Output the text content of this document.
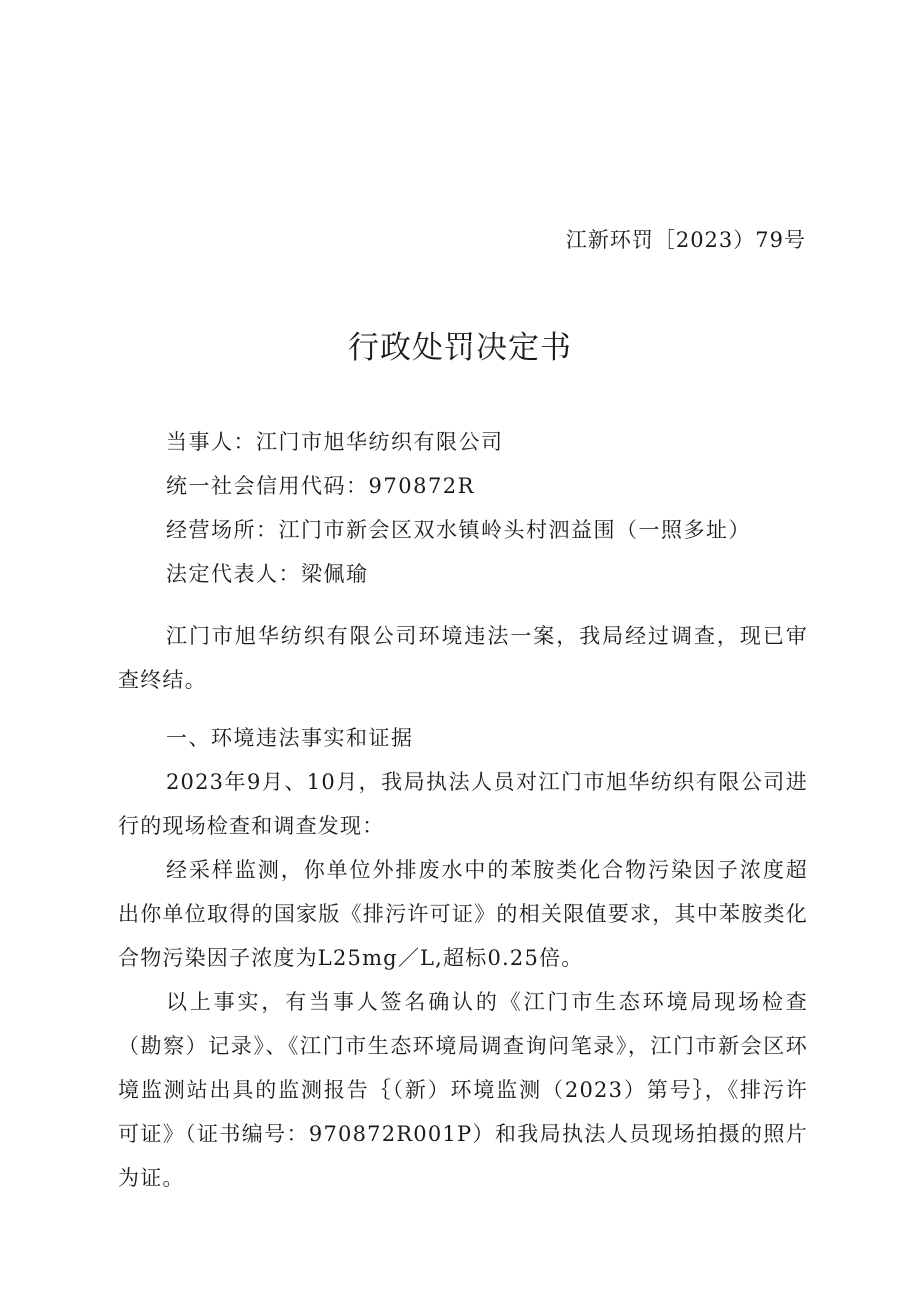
江新环罚［2023）79号
行政处罚决定书
当事人：江门市旭华纺织有限公司
统一社会信用代码：970872R
经营场所：江门市新会区双水镇岭头村泗益围（一照多址）
法定代表人：梁佩瑜
江门市旭华纺织有限公司环境违法一案，我局经过调查，现已审查终结。
一、环境违法事实和证据
2023年9月、10月，我局执法人员对江门市旭华纺织有限公司进行的现场检查和调查发现：
经采样监测，你单位外排废水中的苯胺类化合物污染因子浓度超出你单位取得的国家版《排污许可证》的相关限值要求，其中苯胺类化合物污染因子浓度为L25mg／L,超标0.25倍。
以上事实，有当事人签名确认的《江门市生态环境局现场检查（勘察）记录》、《江门市生态环境局调查询问笔录》，江门市新会区环境监测站出具的监测报告｛（新）环境监测（2023）第号｝，《排污许可证》（证书编号：970872R001P）和我局执法人员现场拍摄的照片为证。
